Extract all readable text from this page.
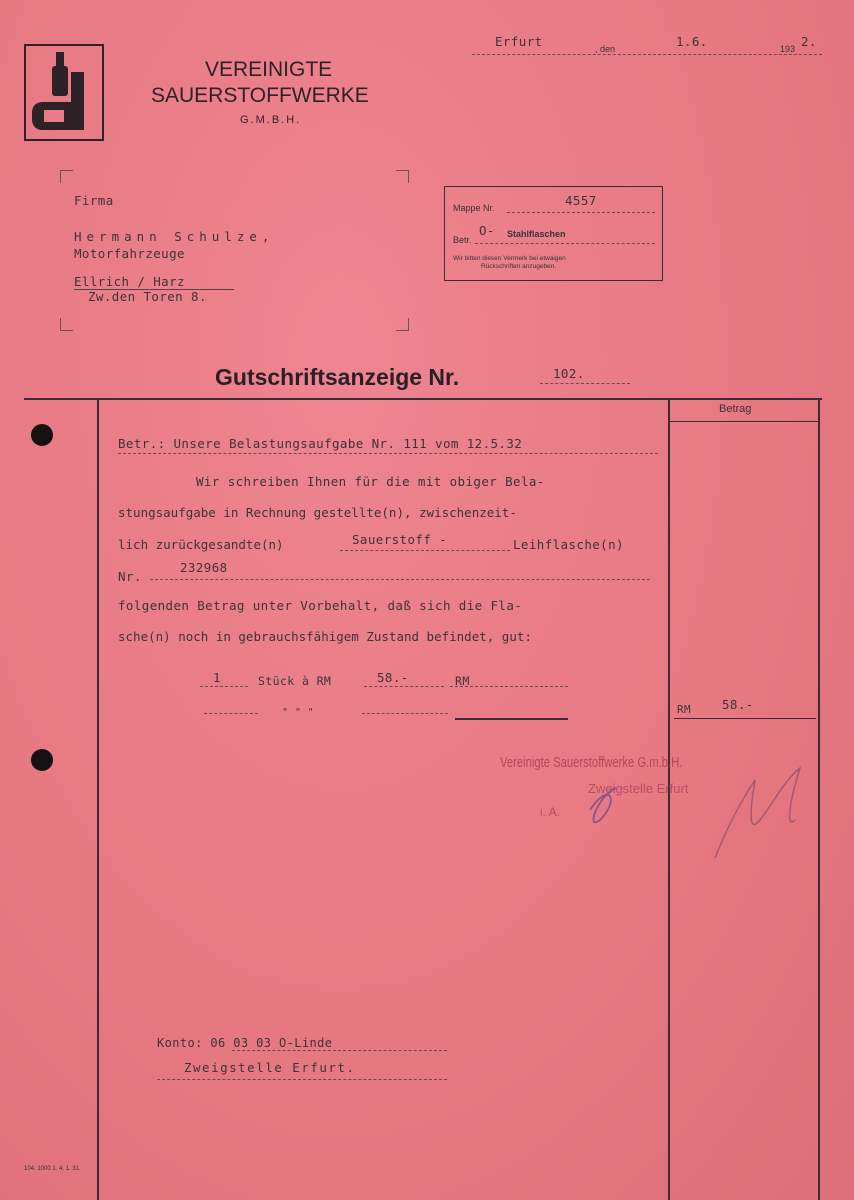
VEREINIGTE
SAUERSTOFFWERKE
G.M.B.H.
Erfurt	, den	1.6.	193 2.
Firma
Hermann Schulze,
Motorfahrzeuge
Ellrich / Harz
Zw.den Toren 8.
Mappe Nr.	4557
Betr.
O- Stahlflaschen
Wir bitten diesen Vermerk bei etwaigen
Rückschriften anzugeben.
Gutschriftsanzeige Nr.	102.
Betrag
Betr.: Unsere Belastungsaufgabe Nr. 111 vom 12.5.32
Wir schreiben Ihnen für die mit obiger Bela-
stungsaufgabe in Rechnung gestellte(n), zwischenzeit-
lich zurückgesandte(n)	Sauerstoff -	Leihflasche(n)
Nr.
232968
folgenden Betrag unter Vorbehalt, daß sich die Fla-
sche(n) noch in gebrauchsfähigem Zustand befindet, gut:
1	Stück à RM	58.-	RM
" " "	RM 58.-
Vereinigte Sauerstoffwerke G.m.b.H.
Zweigstelle Erfurt
i. A.
Konto: 06 03 03 O-Linde
Zweigstelle Erfurt.
104. 1000 1. 4. 1. 31.
